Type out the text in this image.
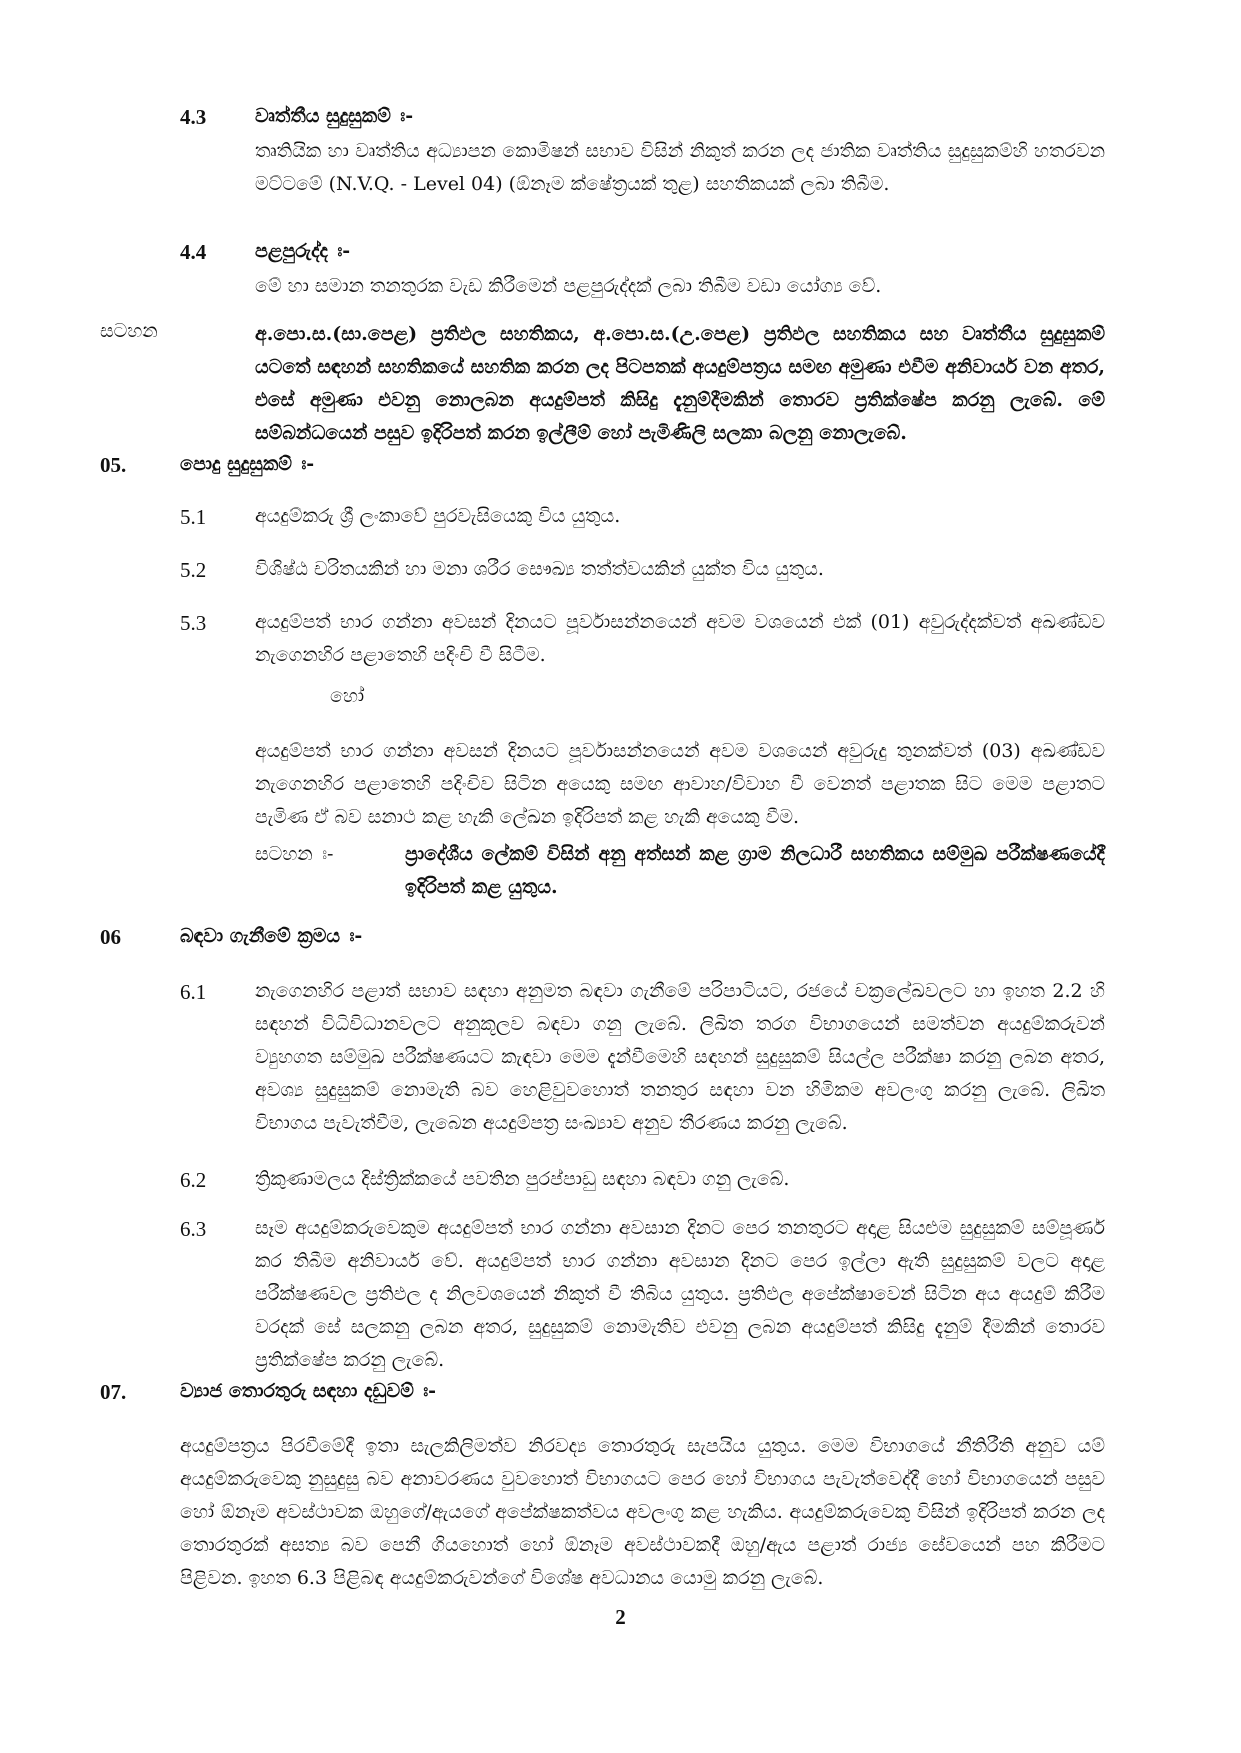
4.3	වෘත්තීය සුදුසුකම් ඃ-
තෘතියික හා වෘත්තිය අධ්‍යාපන කොමිෂන් සභාව විසින් නිකුත් කරන ලද ජාතික වෘත්තිය සුදුසුකම්හි හතරවන මට්ටමේ (N.V.Q. - Level 04) (ඕනෑම ක්ෂේත්‍රයක් තුළ) සහතිකයක් ලබා තිබීම.
4.4	පළපුරුද්ද ඃ-
මේ හා සමාන තනතුරක වැඩ කිරීමෙන් පළපුරුද්දක් ලබා තිබීම වඩා යෝග්‍ය වේ.
සටහන	අ.පො.ස.(සා.පෙළ) ප්‍රතිඵල සහතිකය, අ.පො.ස.(උ.පෙළ) ප්‍රතිඵල සහතිකය සහ වෘත්තීය සුදුසුකම් යටතේ සඳහන් සහතිකයේ සහතික කරන ලද පිටපතක් අයදුම්පත්‍රය සමඟ අමුණා එවීම අනිවාර්ය වන අතර, එසේ අමුණා එවනු නොලබන අයදුම්පත් කිසිදු දැනුම්දීමකින් තොරව ප්‍රතික්ෂේප කරනු ලැබේ. මේ සම්බන්ධයෙන් පසුව ඉදිරිපත් කරන ඉල්ලීම් හෝ පැමිණිලි සලකා බලනු නොලැබේ.
05.	පොදු සුදුසුකම් ඃ-
5.1	අයදුම්කරු ශ්‍රී ලංකාවේ පුරවැසියෙකු විය යුතුය.
5.2	විශිෂ්ඨ චරිතයකින් හා මනා ශරීර සෞඛ්‍ය තත්ත්වයකින් යුක්ත විය යුතුය.
5.3	අයදුම්පත් භාර ගන්නා අවසන් දිනයට පූර්වාසන්නයෙන් අවම වශයෙන් එක් (01) අවුරුද්දක්වත් අඛණ්ඩව නැගෙනහිර පළාතෙහි පදිංචි වී සිටීම.
හෝ
අයදුම්පත් භාර ගන්නා අවසන් දිනයට පූර්වාසන්නයෙන් අවම වශයෙන් අවුරුදු තුනක්වත් (03) අඛණ්ඩව නැගෙනහිර පළාතෙහි පදිංචිව සිටින අයෙකු සමඟ ආවාහ/විවාහ වී වෙනත් පළාතක සිට මෙම පළාතට පැමිණ ඒ බව සනාථ කළ හැකි ලේඛන ඉදිරිපත් කළ හැකි අයෙකු වීම.
සටහන ඃ-	ප්‍රාදේශීය ලේකම් විසින් අනු අත්සන් කළ ග්‍රාම නිලධාරී සහතිකය සම්මුඛ පරීක්ෂණයේදී ඉදිරිපත් කළ යුතුය.
06	බඳවා ගැනීමේ ක්‍රමය ඃ-
6.1	නැගෙනහිර පළාත් සභාව සඳහා අනුමත බඳවා ගැනීමේ පරිපාටියට, රජයේ චක්‍රලේඛවලට හා ඉහත 2.2 හි සඳහන් විධිවිධානවලට අනුකූලව බඳවා ගනු ලැබේ. ලිඛිත තරග විභාගයෙන් සමත්වන අයදුම්කරුවන් ව්‍යුහගත සම්මුඛ පරීක්ෂණයට කැඳවා මෙම දැන්වීමෙහි සඳහන් සුදුසුකම් සියල්ල පරීක්ෂා කරනු ලබන අතර, අවශ්‍ය සුදුසුකම් නොමැති බව හෙළිවුවහොත් තනතුර සඳහා වන හිමිකම අවලංගු කරනු ලැබේ. ලිඛිත විභාගය පැවැත්වීම, ලැබෙන අයදුම්පත්‍ර සංඛ්‍යාව අනුව තීරණය කරනු ලැබේ.
6.2	ත්‍රිකුණාමලය දිස්ත්‍රික්කයේ පවතින පුරප්පාඩු සඳහා බඳවා ගනු ලැබේ.
6.3	සෑම අයදුම්කරුවෙකුම අයදුම්පත් භාර ගන්නා අවසාන දිනට පෙර තනතුරට අදාළ සියළුම සුදුසුකම් සම්පූර්ණ කර තිබීම අනිවාර්ය වේ. අයදුම්පත් භාර ගන්නා අවසාන දිනට පෙර ඉල්ලා ඇති සුදුසුකම් වලට අදාළ පරීක්ෂණවල ප්‍රතිඵල ද නිලවශයෙන් නිකුත් වී තිබිය යුතුය. ප්‍රතිඵල අපේක්ෂාවෙන් සිටින අය අයදුම් කිරීම වරදක් සේ සලකනු ලබන අතර, සුදුසුකම් නොමැතිව එවනු ලබන අයදුම්පත් කිසිදු දැනුම් දීමකින් තොරව ප්‍රතික්ෂේප කරනු ලැබේ.
07.	ව්‍යාජ තොරතුරු සඳහා දඩුවම් ඃ-
අයදුම්පත්‍රය පිරවීමේදී ඉතා සැලකිලිමත්ව නිරවද්‍ය තොරතුරු සැපයිය යුතුය. මෙම විභාගයේ නීතිරීති අනුව යම් අයදුම්කරුවෙකු නුසුදුසු බව අනාවරණය වුවහොත් විභාගයට පෙර හෝ විභාගය පැවැත්වෙද්දී හෝ විභාගයෙන් පසුව හෝ ඕනෑම අවස්ථාවක ඔහුගේ/ඇයගේ අපේක්ෂකත්වය අවලංගු කළ හැකිය. අයදුම්කරුවෙකු විසින් ඉදිරිපත් කරන ලද තොරතුරක් අසත්‍ය බව පෙනී ගියහොත් හෝ ඕනෑම අවස්ථාවකදී ඔහු/ඇය පළාත් රාජ්‍ය සේවයෙන් පහ කිරීමට පිළිවන. ඉහත 6.3 පිළිබඳ අයදුම්කරුවන්ගේ විශේෂ අවධානය යොමු කරනු ලැබේ.
2
